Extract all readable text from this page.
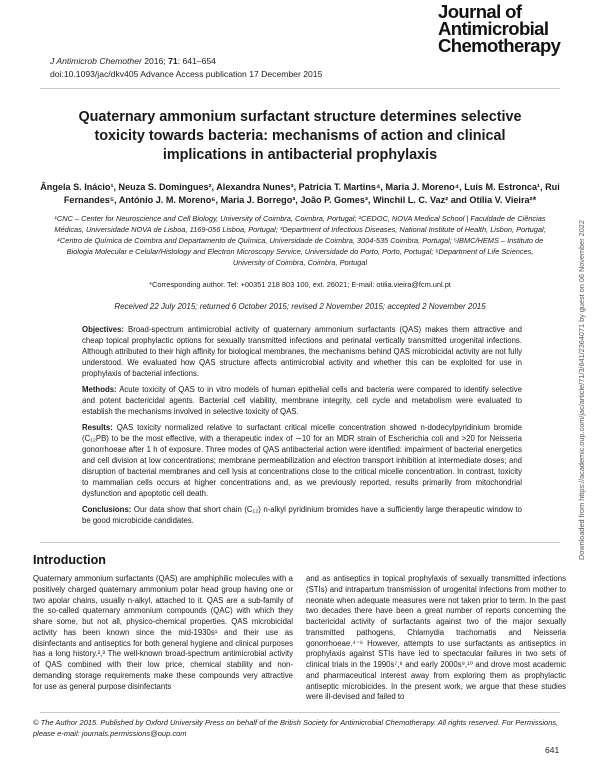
J Antimicrob Chemother 2016; 71: 641–654
doi:10.1093/jac/dkv405 Advance Access publication 17 December 2015
Journal of
Antimicrobial
Chemotherapy
Quaternary ammonium surfactant structure determines selective toxicity towards bacteria: mechanisms of action and clinical implications in antibacterial prophylaxis
Ângela S. Inácio¹, Neuza S. Domingues², Alexandra Nunes³, Patrícia T. Martins⁴, Maria J. Moreno⁴, Luís M. Estronca¹, Rui Fernandes⁵, António J. M. Moreno⁶, Maria J. Borrego³, João P. Gomes³, Winchil L. C. Vaz² and Otília V. Vieira²*
¹CNC – Center for Neuroscience and Cell Biology, University of Coimbra, Coimbra, Portugal; ²CEDOC, NOVA Medical School | Faculdade de Ciências Médicas, Universidade NOVA de Lisboa, 1169-056 Lisboa, Portugal; ³Department of Infectious Diseases, National Institute of Health, Lisbon, Portugal; ⁴Centro de Química de Coimbra and Departamento de Química, Universidade de Coimbra, 3004-535 Coimbra, Portugal; ⁵IBMC/HEMS – Instituto de Biologia Molecular e Celular/Histology and Electron Microscopy Service, Universidade do Porto, Porto, Portugal; ⁶Department of Life Sciences, University of Coimbra, Coimbra, Portugal
*Corresponding author. Tel: +00351 218 803 100, ext. 26021; E-mail: otilia.vieira@fcm.unl.pt
Received 22 July 2015; returned 6 October 2015; revised 2 November 2015; accepted 2 November 2015

Objectives: Broad-spectrum antimicrobial activity of quaternary ammonium surfactants (QAS) makes them attractive and cheap topical prophylactic options for sexually transmitted infections and perinatal vertically transmitted urogenital infections. Although attributed to their high affinity for biological membranes, the mechanisms behind QAS microbicidal activity are not fully understood. We evaluated how QAS structure affects antimicrobial activity and whether this can be exploited for use in prophylaxis of bacterial infections.

Methods: Acute toxicity of QAS to in vitro models of human epithelial cells and bacteria were compared to identify selective and potent bactericidal agents. Bacterial cell viability, membrane integrity, cell cycle and metabolism were evaluated to establish the mechanisms involved in selective toxicity of QAS.

Results: QAS toxicity normalized relative to surfactant critical micelle concentration showed n-dodecylpyridinium bromide (C₁₂PB) to be the most effective, with a therapeutic index of ∼10 for an MDR strain of Escherichia coli and >20 for Neisseria gonorrhoeae after 1 h of exposure. Three modes of QAS antibacterial action were identified: impairment of bacterial energetics and cell division at low concentrations; membrane permeabilization and electron transport inhibition at intermediate doses; and disruption of bacterial membranes and cell lysis at concentrations close to the critical micelle concentration. In contrast, toxicity to mammalian cells occurs at higher concentrations and, as we previously reported, results primarily from mitochondrial dysfunction and apoptotic cell death.

Conclusions: Our data show that short chain (C₁₂) n-alkyl pyridinium bromides have a sufficiently large therapeutic window to be good microbicide candidates.

Introduction
Quaternary ammonium surfactants (QAS) are amphiphilic molecules with a positively charged quaternary ammonium polar head group having one or two apolar chains, usually n-alkyl, attached to it. QAS are a sub-family of the so-called quaternary ammonium compounds (QAC) with which they share some, but not all, physico-chemical properties. QAS microbicidal activity has been known since the mid-1930s¹ and their use as disinfectants and antiseptics for both general hygiene and clinical purposes has a long history.²,³ The well-known broad-spectrum antimicrobial activity of QAS combined with their low price, chemical stability and non-demanding storage requirements make these compounds very attractive for use as general purpose disinfectants
and as antiseptics in topical prophylaxis of sexually transmitted infections (STIs) and intrapartum transmission of urogenital infections from mother to neonate when adequate measures were not taken prior to term. In the past two decades there have been a great number of reports concerning the bactericidal activity of surfactants against two of the major sexually transmitted pathogens, Chlamydia trachomatis and Neisseria gonorrhoeae.⁴⁻⁶ However, attempts to use surfactants as antiseptics in prophylaxis against STIs have led to spectacular failures in two sets of clinical trials in the 1990s⁷,⁸ and early 2000s⁹,¹⁰ and drove most academic and pharmaceutical interest away from exploring them as prophylactic antiseptic microbicides. In the present work, we argue that these studies were ill-devised and failed to
© The Author 2015. Published by Oxford University Press on behalf of the British Society for Antimicrobial Chemotherapy. All rights reserved. For Permissions, please e-mail: journals.permissions@oup.com
641
Downloaded from https://academic.oup.com/jac/article/71/3/641/2364071 by guest on 06 November 2022
